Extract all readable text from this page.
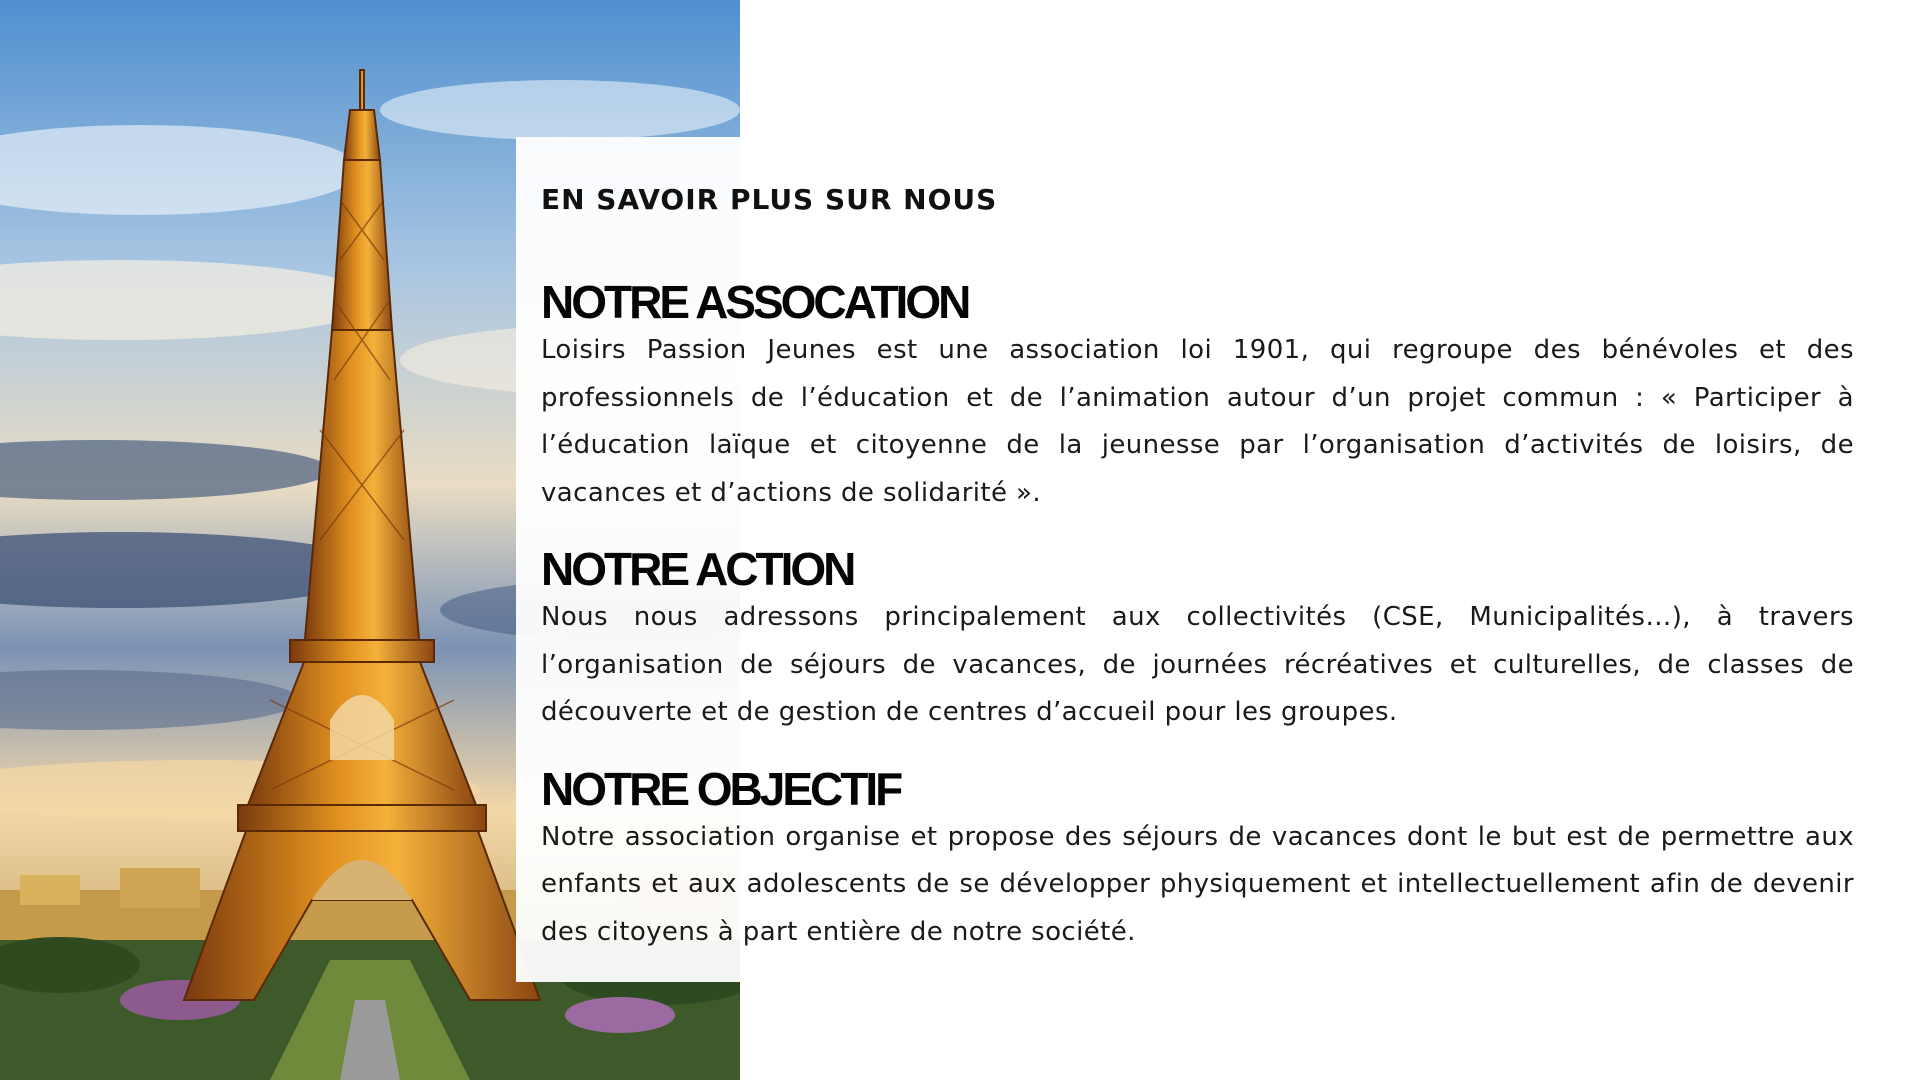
EN SAVOIR PLUS SUR NOUS
NOTRE ASSOCATION

Loisirs Passion Jeunes est une association loi 1901, qui regroupe des bénévoles et des professionnels de l’éducation et de l’animation autour d’un projet commun : « Participer à l’éducation laïque et citoyenne de la jeunesse par l’organisation d’activités de loisirs, de vacances et d’actions de solidarité ».

NOTRE ACTION

Nous nous adressons principalement aux collectivités (CSE, Municipalités…), à travers l’organisation de séjours de vacances, de journées récréatives et culturelles, de classes de découverte et de gestion de centres d’accueil pour les groupes.

NOTRE OBJECTIF

Notre association organise et propose des séjours de vacances dont le but est de permettre aux enfants et aux adolescents de se développer physiquement et intellectuellement afin de devenir des citoyens à part entière de notre société.
